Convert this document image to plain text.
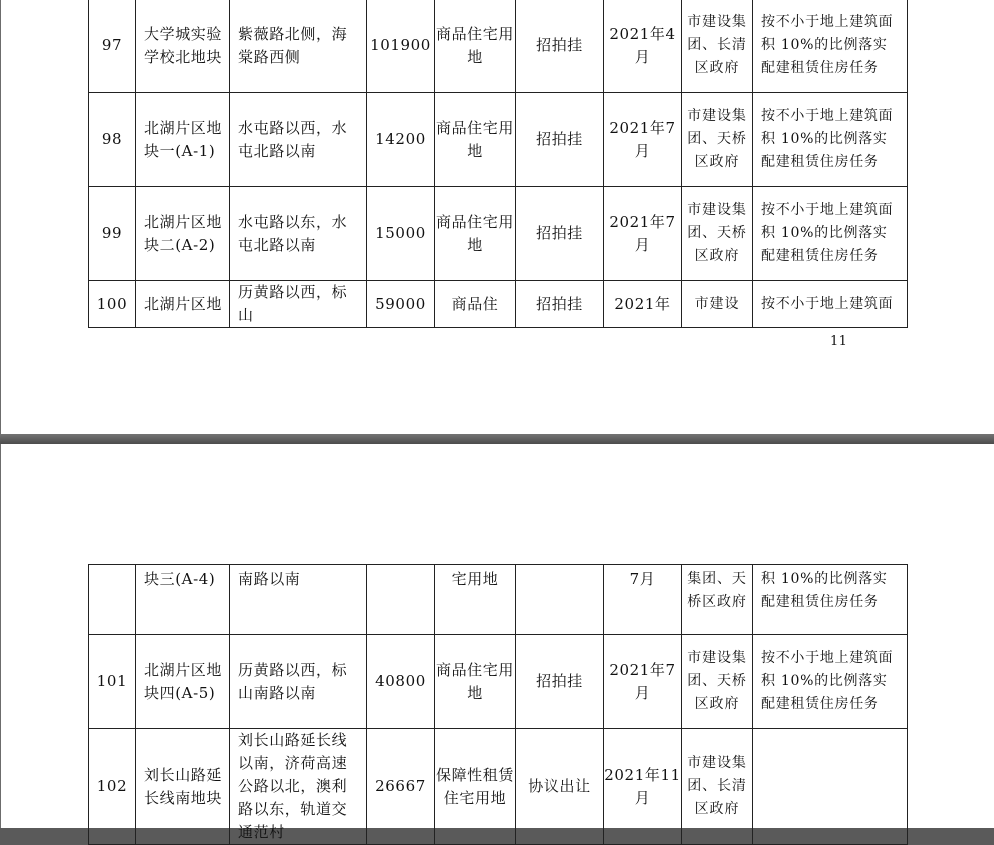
97	大学城实验学校北地块	紫薇路北侧，海棠路西侧	101900	商品住宅用地	招拍挂	2021年4月	市建设集团、长清区政府	按不小于地上建筑面积 10%的比例落实配建租赁住房任务
98	北湖片区地块一(A-1)	水屯路以西，水屯北路以南	14200	商品住宅用地	招拍挂	2021年7月	市建设集团、天桥区政府	按不小于地上建筑面积 10%的比例落实配建租赁住房任务
99	北湖片区地块二(A-2)	水屯路以东，水屯北路以南	15000	商品住宅用地	招拍挂	2021年7月	市建设集团、天桥区政府	按不小于地上建筑面积 10%的比例落实配建租赁住房任务
100	北湖片区地	历黄路以西，标山	59000	商品住	招拍挂	2021年	市建设	按不小于地上建筑面
11
	块三(A-4)	南路以南		宅用地		7月	集团、天桥区政府	积 10%的比例落实配建租赁住房任务
101	北湖片区地块四(A-5)	历黄路以西，标山南路以南	40800	商品住宅用地	招拍挂	2021年7月	市建设集团、天桥区政府	按不小于地上建筑面积 10%的比例落实配建租赁住房任务
102	刘长山路延长线南地块	刘长山路延长线以南，济荷高速公路以北，澳利路以东，轨道交通范村	26667	保障性租赁住宅用地	协议出让	2021年11月	市建设集团、长清区政府	
